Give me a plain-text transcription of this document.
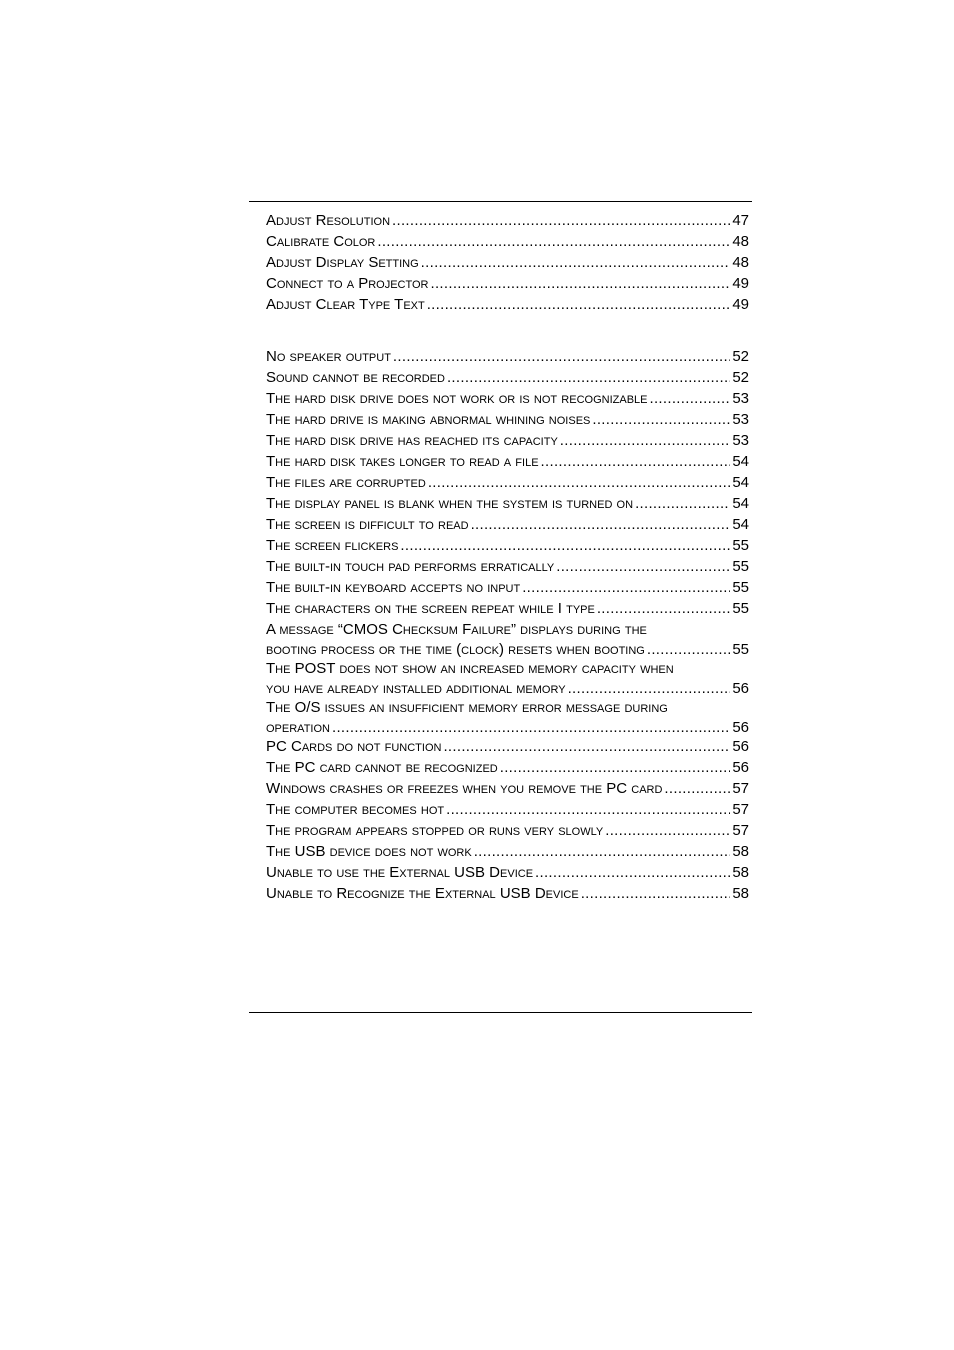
Adjust Resolution .....	47
Calibrate Color .....	48
Adjust Display Setting .....	48
Connect to a Projector .....	49
Adjust Clear Type Text .....	49
No speaker output .....	52
Sound cannot be recorded .....	52
The hard disk drive does not work or is not recognizable .....	53
The hard drive is making abnormal whining noises .....	53
The hard disk drive has reached its capacity .....	53
The hard disk takes longer to read a file .....	54
The files are corrupted .....	54
The display panel is blank when the system is turned on .....	54
The screen is difficult to read .....	54
The screen flickers .....	55
The built-in touch pad performs erratically .....	55
The built-in keyboard accepts no input .....	55
The characters on the screen repeat while I type .....	55
A message “CMOS Checksum Failure” displays during the
booting process or the time (clock) resets when booting .....	55
The POST does not show an increased memory capacity when
you have already installed additional memory .....	56
The O/S issues an insufficient memory error message during
operation .....	56
PC Cards do not function .....	56
The PC card cannot be recognized .....	56
Windows crashes or freezes when you remove the PC card .....	57
The computer becomes hot .....	57
The program appears stopped or runs very slowly .....	57
The USB device does not work .....	58
Unable to use the External USB Device .....	58
Unable to Recognize the External USB Device .....	58
